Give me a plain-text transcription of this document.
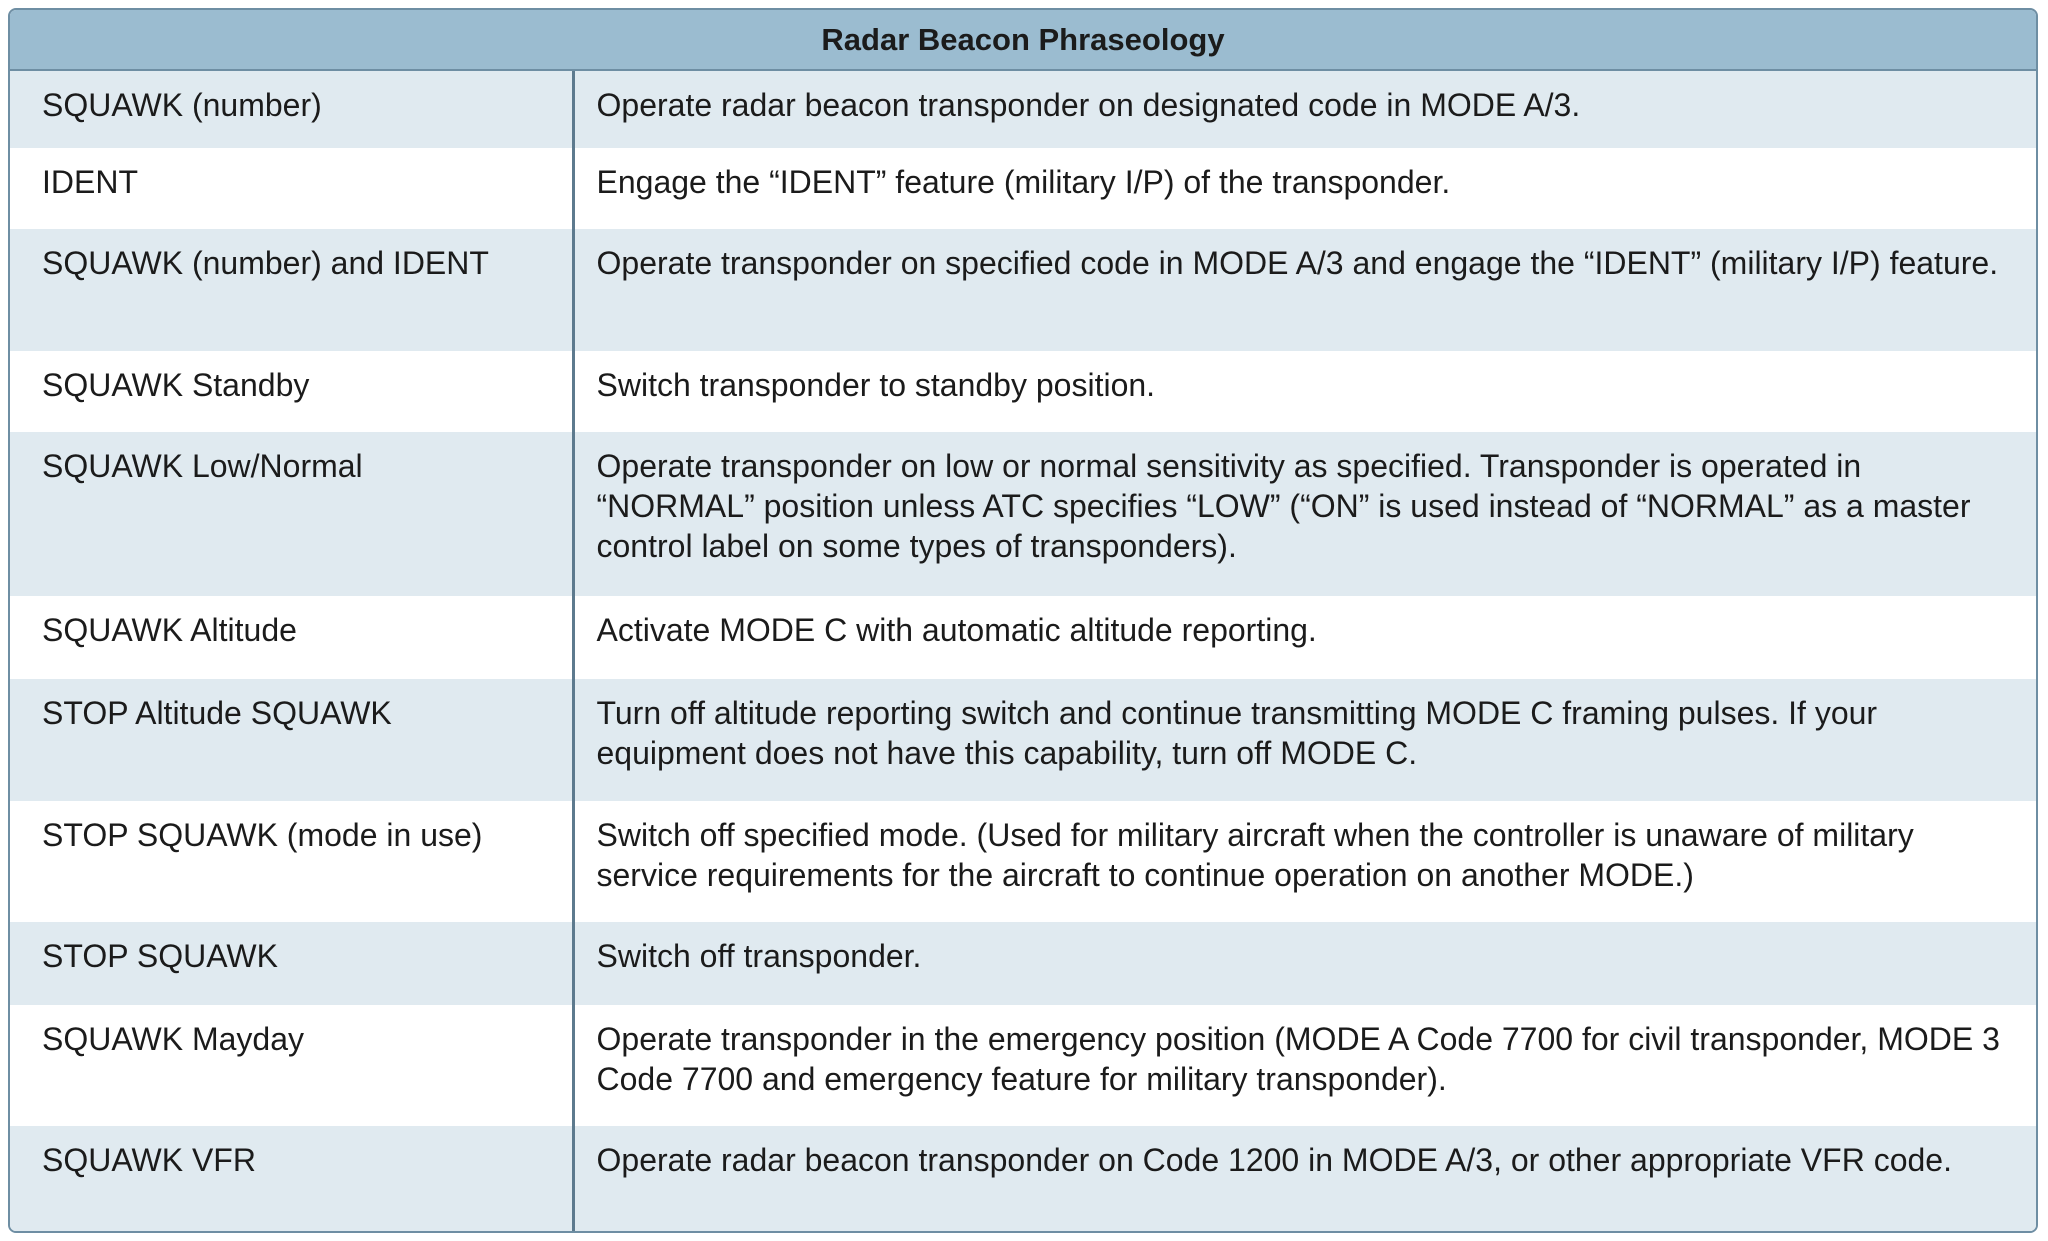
Radar Beacon Phraseology
SQUAWK (number)	Operate radar beacon transponder on designated code in MODE A/3.
IDENT	Engage the “IDENT” feature (military I/P) of the transponder.
SQUAWK (number) and IDENT	Operate transponder on specified code in MODE A/3 and engage the “IDENT” (military I/P) feature.
SQUAWK Standby	Switch transponder to standby position.
SQUAWK Low/Normal	Operate transponder on low or normal sensitivity as specified. Transponder is operated in “NORMAL” position unless ATC specifies “LOW” (“ON” is used instead of “NORMAL” as a master control label on some types of transponders).
SQUAWK Altitude	Activate MODE C with automatic altitude reporting.
STOP Altitude SQUAWK	Turn off altitude reporting switch and continue transmitting MODE C framing pulses. If your equipment does not have this capability, turn off MODE C.
STOP SQUAWK (mode in use)	Switch off specified mode. (Used for military aircraft when the controller is unaware of military service requirements for the aircraft to continue operation on another MODE.)
STOP SQUAWK	Switch off transponder.
SQUAWK Mayday	Operate transponder in the emergency position (MODE A Code 7700 for civil transponder, MODE 3 Code 7700 and emergency feature for military transponder).
SQUAWK VFR	Operate radar beacon transponder on Code 1200 in MODE A/3, or other appropriate VFR code.
